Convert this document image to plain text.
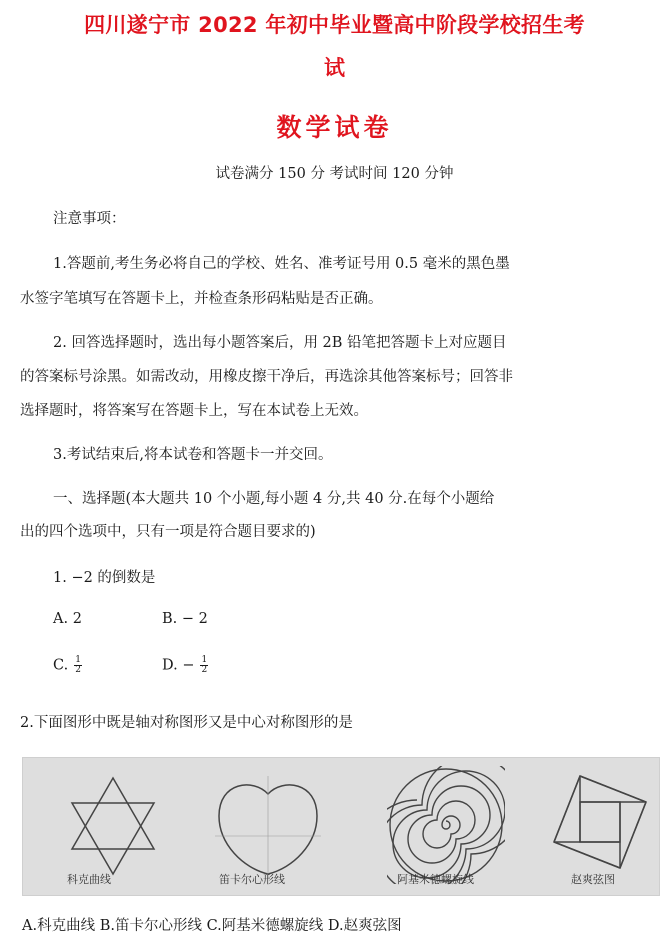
四川遂宁市 2022 年初中毕业暨高中阶段学校招生考
试
数学试卷
试卷满分 150 分 考试时间 120 分钟
注意事项：
1.答题前,考生务必将自己的学校、姓名、准考证号用 0.5 毫米的黑色墨
水签字笔填写在答题卡上，并检查条形码粘贴是否正确。
2. 回答选择题时，选出每小题答案后，用 2B 铅笔把答题卡上对应题目
的答案标号涂黑。如需改动，用橡皮擦干净后，再选涂其他答案标号；回答非
选择题时，将答案写在答题卡上，写在本试卷上无效。
3.考试结束后,将本试卷和答题卡一并交回。
一、选择题(本大题共 10 个小题,每小题 4 分,共 40 分.在每个小题给
出的四个选项中，只有一项是符合题目要求的)
1. −2 的倒数是
A. 2	B. − 2
C. $\frac{1}{2}$	D. − $\frac{1}{2}$
2.下面图形中既是轴对称图形又是中心对称图形的是
科克曲线	笛卡尔心形线	阿基米德螺旋线	赵爽弦图
A.科克曲线 B.笛卡尔心形线 C.阿基米德螺旋线 D.赵爽弦图
